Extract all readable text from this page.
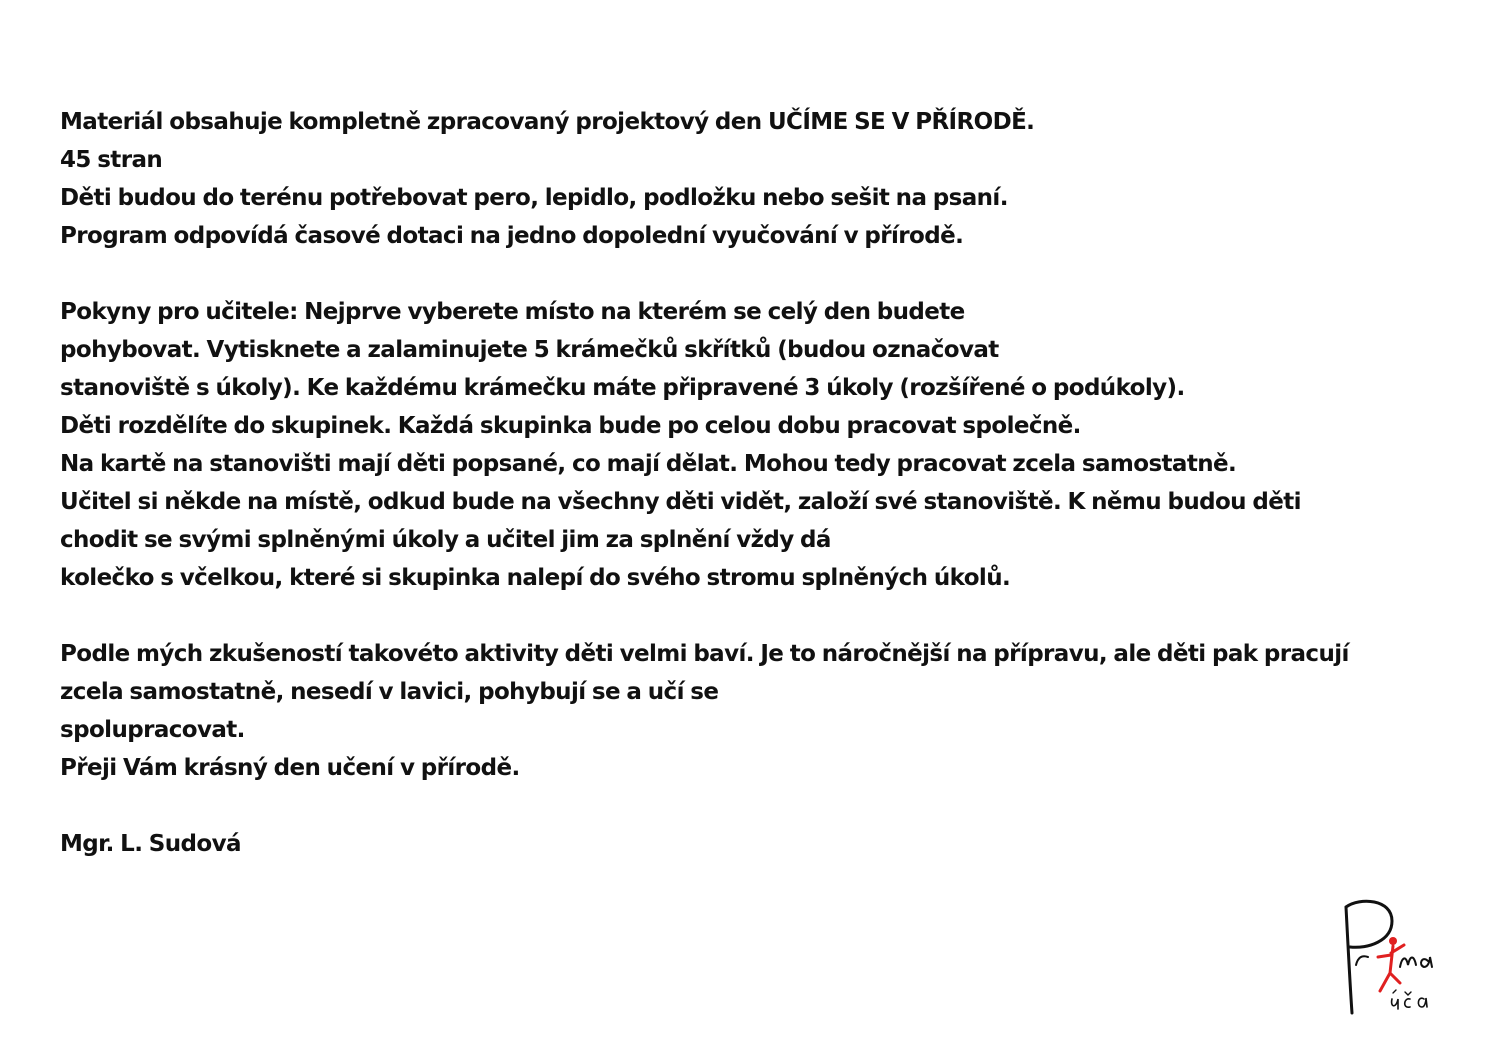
Materiál obsahuje kompletně zpracovaný projektový den UČÍME SE V PŘÍRODĚ.
45 stran
Děti budou do terénu potřebovat pero, lepidlo, podložku nebo sešit na psaní.
Program odpovídá časové dotaci na jedno dopolední vyučování v přírodě.
Pokyny pro učitele: Nejprve vyberete místo na kterém se celý den budete
pohybovat. Vytisknete a zalaminujete 5 krámečků skřítků (budou označovat
stanoviště s úkoly). Ke každému krámečku máte připravené 3 úkoly (rozšířené o podúkoly).
Děti rozdělíte do skupinek. Každá skupinka bude po celou dobu pracovat společně.
Na kartě na stanovišti mají děti popsané, co mají dělat. Mohou tedy pracovat zcela samostatně.
Učitel si někde na místě, odkud bude na všechny děti vidět, založí své stanoviště. K němu budou děti
chodit se svými splněnými úkoly a učitel jim za splnění vždy dá
kolečko s včelkou, které si skupinka nalepí do svého stromu splněných úkolů.
Podle mých zkušeností takovéto aktivity děti velmi baví. Je to náročnější na přípravu, ale děti pak pracují
zcela samostatně, nesedí v lavici, pohybují se a učí se
spolupracovat.
Přeji Vám krásný den učení v přírodě.
Mgr. L. Sudová
